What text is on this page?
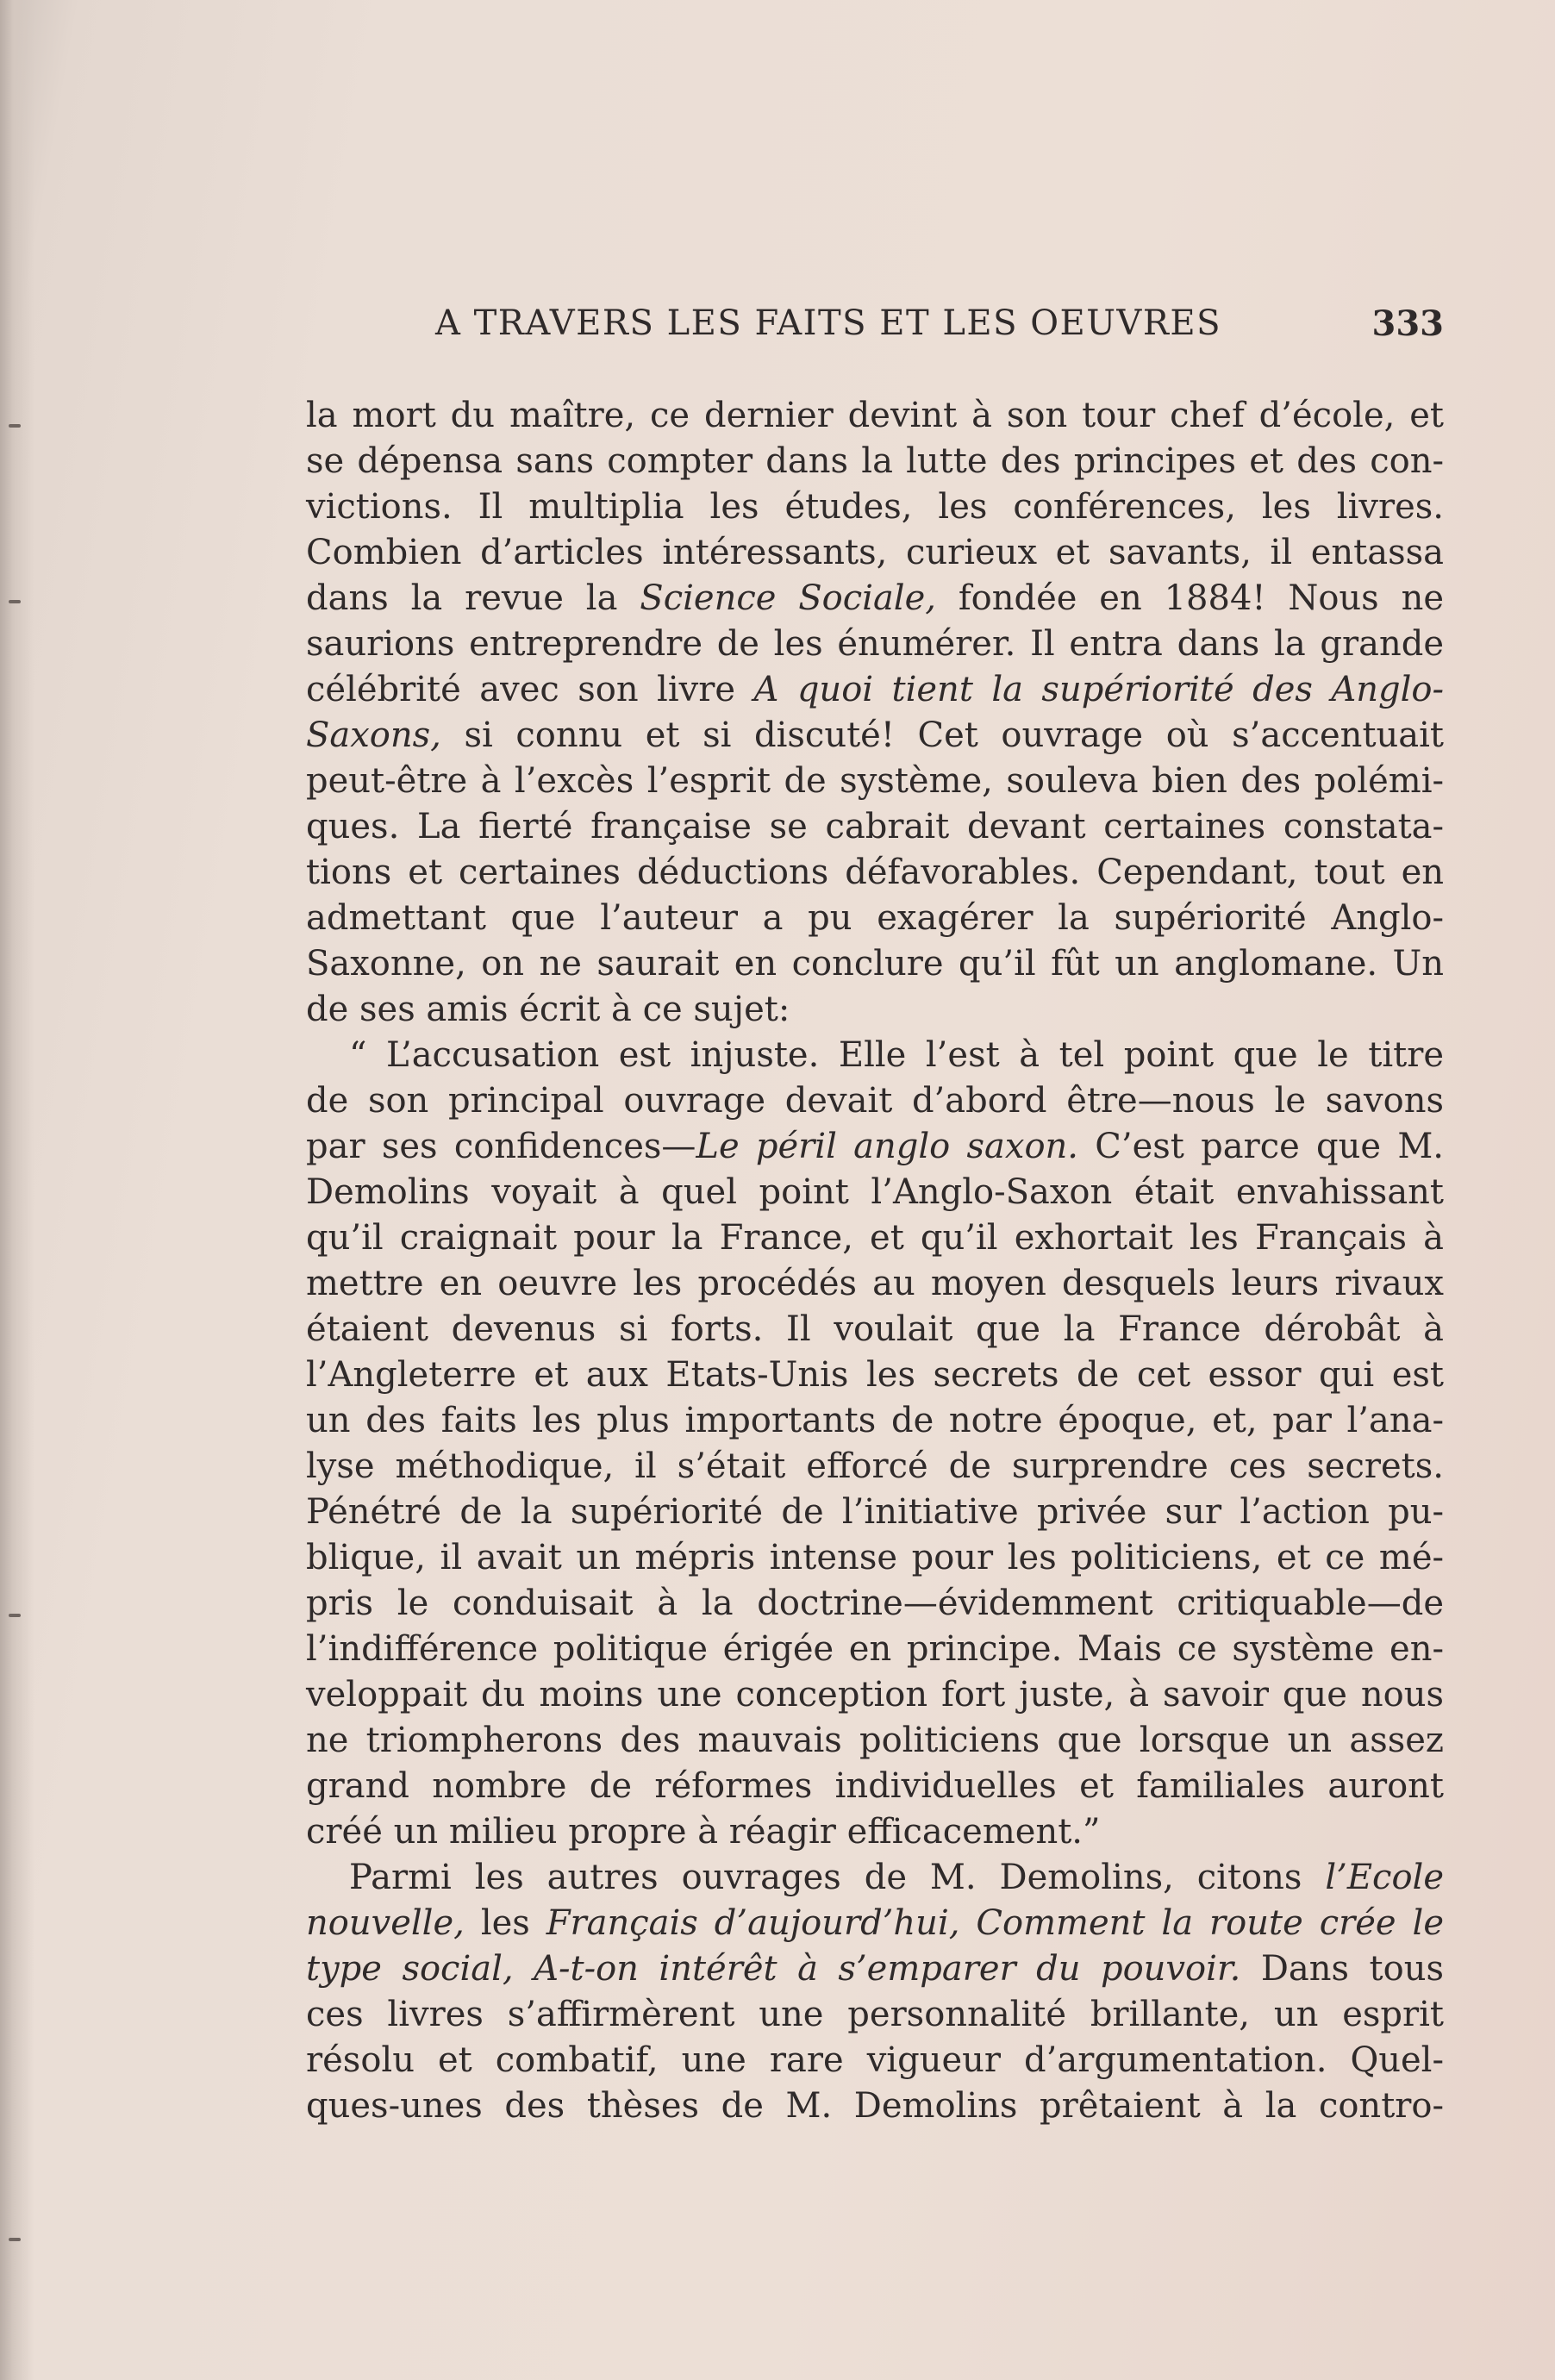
A TRAVERS LES FAITS ET LES OEUVRES	333
la mort du maître, ce dernier devint à son tour chef d’école, et
se dépensa sans compter dans la lutte des principes et des con-
victions. Il multiplia les études, les conférences, les livres.
Combien d’articles intéressants, curieux et savants, il entassa
dans la revue la Science Sociale, fondée en 1884! Nous ne
saurions entreprendre de les énumérer. Il entra dans la grande
célébrité avec son livre A quoi tient la supériorité des Anglo-
Saxons, si connu et si discuté! Cet ouvrage où s’accentuait
peut-être à l’excès l’esprit de système, souleva bien des polémi-
ques. La fierté française se cabrait devant certaines constata-
tions et certaines déductions défavorables. Cependant, tout en
admettant que l’auteur a pu exagérer la supériorité Anglo-
Saxonne, on ne saurait en conclure qu’il fût un anglomane. Un
de ses amis écrit à ce sujet:
“ L’accusation est injuste. Elle l’est à tel point que le titre
de son principal ouvrage devait d’abord être—nous le savons
par ses confidences—Le péril anglo saxon. C’est parce que M.
Demolins voyait à quel point l’Anglo-Saxon était envahissant
qu’il craignait pour la France, et qu’il exhortait les Français à
mettre en oeuvre les procédés au moyen desquels leurs rivaux
étaient devenus si forts. Il voulait que la France dérobât à
l’Angleterre et aux Etats-Unis les secrets de cet essor qui est
un des faits les plus importants de notre époque, et, par l’ana-
lyse méthodique, il s’était efforcé de surprendre ces secrets.
Pénétré de la supériorité de l’initiative privée sur l’action pu-
blique, il avait un mépris intense pour les politiciens, et ce mé-
pris le conduisait à la doctrine—évidemment critiquable—de
l’indifférence politique érigée en principe. Mais ce système en-
veloppait du moins une conception fort juste, à savoir que nous
ne triompherons des mauvais politiciens que lorsque un assez
grand nombre de réformes individuelles et familiales auront
créé un milieu propre à réagir efficacement.”
Parmi les autres ouvrages de M. Demolins, citons l’Ecole
nouvelle, les Français d’aujourd’hui, Comment la route crée le
type social, A-t-on intérêt à s’emparer du pouvoir. Dans tous
ces livres s’affirmèrent une personnalité brillante, un esprit
résolu et combatif, une rare vigueur d’argumentation. Quel-
ques-unes des thèses de M. Demolins prêtaient à la contro-
